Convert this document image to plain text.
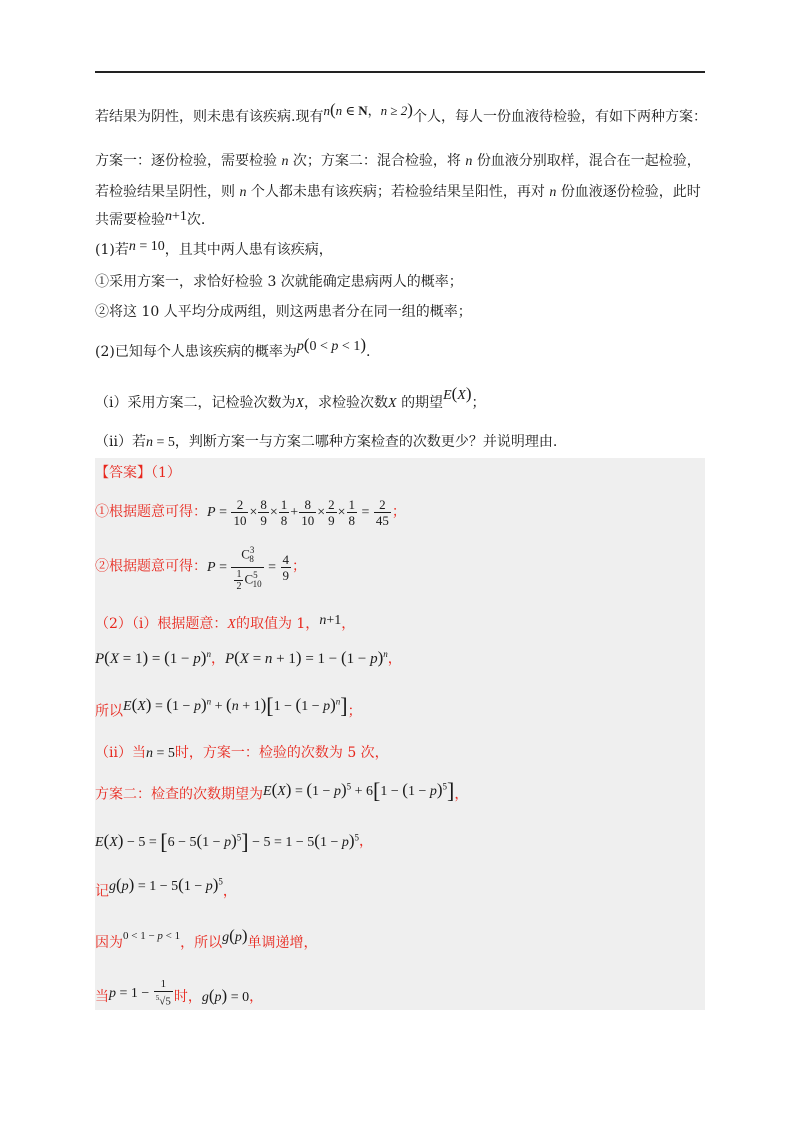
若结果为阴性，则未患有该疾病.现有n(n ∈ N，n ≥ 2)个人，每人一份血液待检验，有如下两种方案：
方案一：逐份检验，需要检验 n 次；方案二：混合检验，将 n 份血液分别取样，混合在一起检验，
若检验结果呈阴性，则 n 个人都未患有该疾病；若检验结果呈阳性，再对 n 份血液逐份检验，此时
共需要检验n+1次.
(1)若n = 10，且其中两人患有该疾病，
①采用方案一，求恰好检验 3 次就能确定患病两人的概率；
②将这 10 人平均分成两组，则这两患者分在同一组的概率；
(2)已知每个人患该疾病的概率为p(0 < p < 1).
（i）采用方案二，记检验次数为X，求检验次数X 的期望E(X)；
（ii）若n = 5，判断方案一与方案二哪种方案检查的次数更少？并说明理由.
【答案】（1）
①根据题意可得：$P = \frac{2}{10} \times \frac{8}{9} \times \frac{1}{8} + \frac{8}{10} \times \frac{2}{9} \times \frac{1}{8} = \frac{2}{45}$ ；
②根据题意可得：$P = \frac{C^3_8}{\frac{1}{2} C^5_{10}} = \frac{4}{9}$ ；
（2）（i）根据题意：X的取值为 1，n+1，
$P(X = 1) = (1 - p)^n$，$P(X = n + 1) = 1 - (1 - p)^n$，
所以$E(X) = (1 - p)^n + (n + 1)[1 - (1 - p)^n]$；
（ii）当n = 5时，方案一：检验的次数为 5 次，
方案二：检查的次数期望为$E(X) = (1 - p)^5 + 6[1 - (1 - p)^5]$，
$E(X) - 5 = [6 - 5(1 - p)^5] - 5 = 1 - 5(1 - p)^5$，
记$g(p) = 1 - 5(1 - p)^5$，
因为$^{0 < 1 - p < 1}$，所以g(p)单调递增，
当$p = 1 - \frac{1}{^5√5}$ 时，g(p) = 0，
